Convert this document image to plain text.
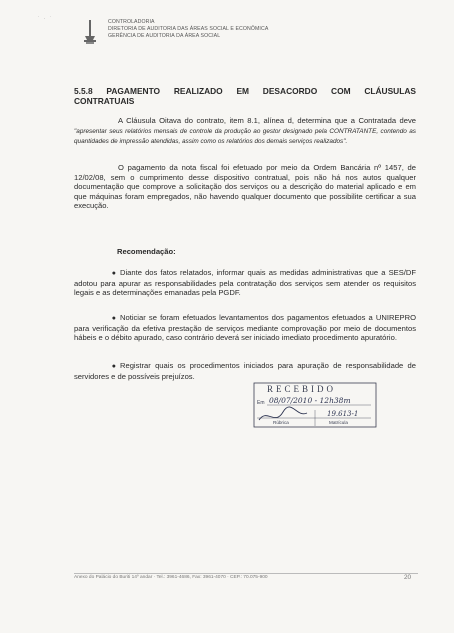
˙   ·   ˙	CONTROLADORIA
DIRETORIA DE AUDITORIA DAS ÁREAS SOCIAL E ECONÔMICA
GERÊNCIA DE AUDITORIA DA ÁREA SOCIAL
5.5.8 PAGAMENTO REALIZADO EM DESACORDO COM CLÁUSULAS
CONTRATUAIS
A Cláusula Oitava do contrato, item 8.1, alínea d, determina que a Contratada deve "apresentar seus relatórios mensais de controle da produção ao gestor designado pela CONTRATANTE, contendo as quantidades de impressão atendidas, assim como os relatórios dos demais serviços realizados".
O pagamento da nota fiscal foi efetuado por meio da Ordem Bancária nº 1457, de 12/02/08, sem o cumprimento desse dispositivo contratual, pois não há nos autos qualquer documentação que comprove a solicitação dos serviços ou a descrição do material aplicado e em que máquinas foram empregados, não havendo qualquer documento que possibilite certificar a sua execução.
Recomendação:
● Diante dos fatos relatados, informar quais as medidas administrativas que a SES/DF adotou para apurar as responsabilidades pela contratação dos serviços sem atender os requisitos legais e as determinações emanadas pela PGDF.
● Noticiar se foram efetuados levantamentos dos pagamentos efetuados a UNIREPRO para verificação da efetiva prestação de serviços mediante comprovação por meio de documentos hábeis e o débito apurado, caso contrário deverá ser iniciado imediato procedimento apuratório.
● Registrar quais os procedimentos iniciados para apuração de responsabilidade de servidores e de possíveis prejuízos.
RECEBIDO
Em 08/07/2010 - 12h38m
19.613-1
Rúbrica	Matrícula
Anexo do Palácio do Buriti 14º andar · Tel.: 3961-4686, Fax: 3961-4070 · CEP.: 70.075-900	20
